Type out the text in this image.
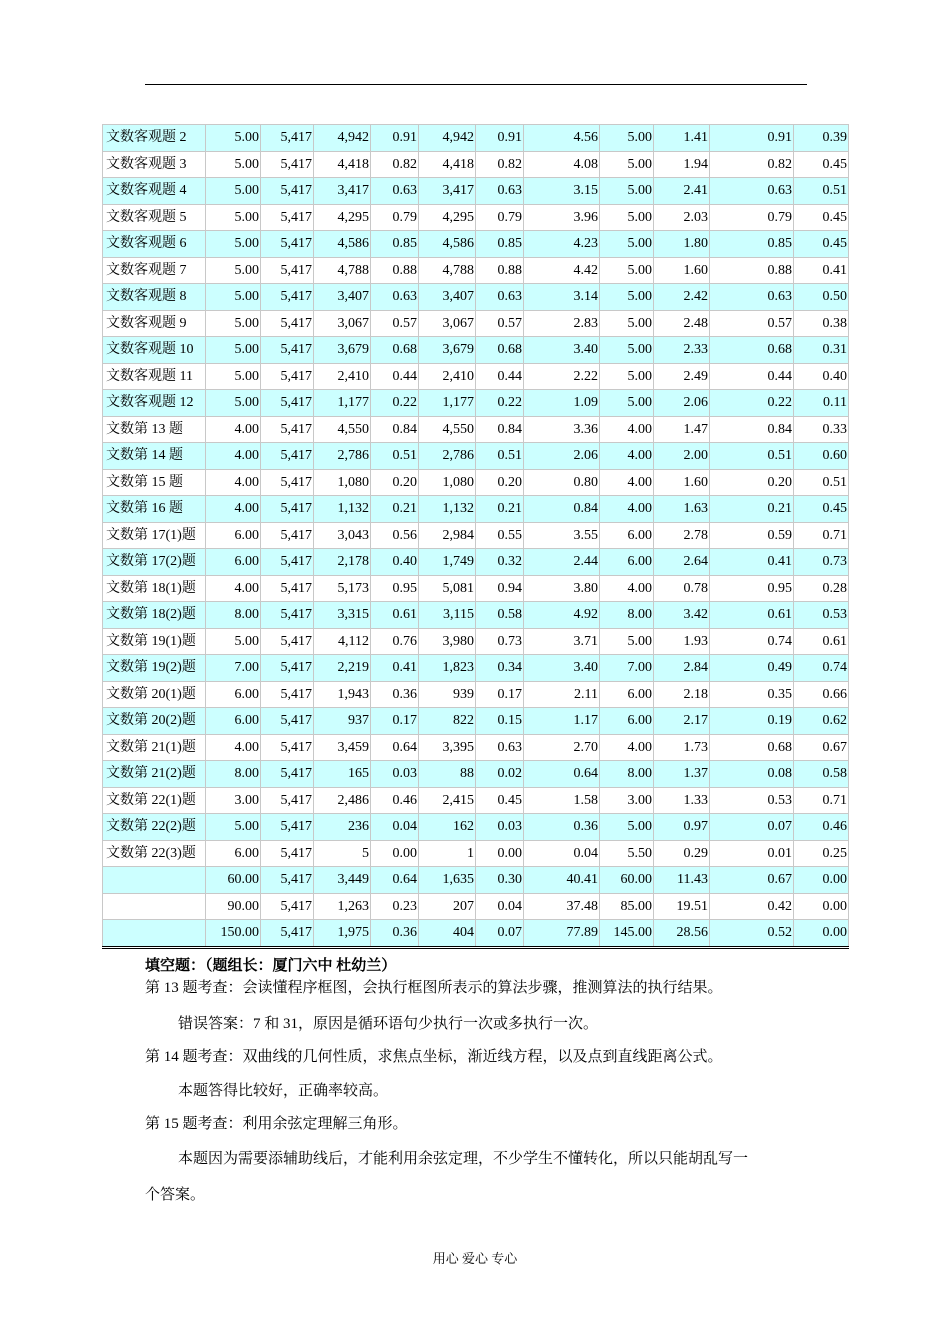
文数客观题 2	5.00	5,417	4,942	0.91	4,942	0.91	4.56	5.00	1.41	0.91	0.39
文数客观题 3	5.00	5,417	4,418	0.82	4,418	0.82	4.08	5.00	1.94	0.82	0.45
文数客观题 4	5.00	5,417	3,417	0.63	3,417	0.63	3.15	5.00	2.41	0.63	0.51
文数客观题 5	5.00	5,417	4,295	0.79	4,295	0.79	3.96	5.00	2.03	0.79	0.45
文数客观题 6	5.00	5,417	4,586	0.85	4,586	0.85	4.23	5.00	1.80	0.85	0.45
文数客观题 7	5.00	5,417	4,788	0.88	4,788	0.88	4.42	5.00	1.60	0.88	0.41
文数客观题 8	5.00	5,417	3,407	0.63	3,407	0.63	3.14	5.00	2.42	0.63	0.50
文数客观题 9	5.00	5,417	3,067	0.57	3,067	0.57	2.83	5.00	2.48	0.57	0.38
文数客观题 10	5.00	5,417	3,679	0.68	3,679	0.68	3.40	5.00	2.33	0.68	0.31
文数客观题 11	5.00	5,417	2,410	0.44	2,410	0.44	2.22	5.00	2.49	0.44	0.40
文数客观题 12	5.00	5,417	1,177	0.22	1,177	0.22	1.09	5.00	2.06	0.22	0.11
文数第 13 题	4.00	5,417	4,550	0.84	4,550	0.84	3.36	4.00	1.47	0.84	0.33
文数第 14 题	4.00	5,417	2,786	0.51	2,786	0.51	2.06	4.00	2.00	0.51	0.60
文数第 15 题	4.00	5,417	1,080	0.20	1,080	0.20	0.80	4.00	1.60	0.20	0.51
文数第 16 题	4.00	5,417	1,132	0.21	1,132	0.21	0.84	4.00	1.63	0.21	0.45
文数第 17(1)题	6.00	5,417	3,043	0.56	2,984	0.55	3.55	6.00	2.78	0.59	0.71
文数第 17(2)题	6.00	5,417	2,178	0.40	1,749	0.32	2.44	6.00	2.64	0.41	0.73
文数第 18(1)题	4.00	5,417	5,173	0.95	5,081	0.94	3.80	4.00	0.78	0.95	0.28
文数第 18(2)题	8.00	5,417	3,315	0.61	3,115	0.58	4.92	8.00	3.42	0.61	0.53
文数第 19(1)题	5.00	5,417	4,112	0.76	3,980	0.73	3.71	5.00	1.93	0.74	0.61
文数第 19(2)题	7.00	5,417	2,219	0.41	1,823	0.34	3.40	7.00	2.84	0.49	0.74
文数第 20(1)题	6.00	5,417	1,943	0.36	939	0.17	2.11	6.00	2.18	0.35	0.66
文数第 20(2)题	6.00	5,417	937	0.17	822	0.15	1.17	6.00	2.17	0.19	0.62
文数第 21(1)题	4.00	5,417	3,459	0.64	3,395	0.63	2.70	4.00	1.73	0.68	0.67
文数第 21(2)题	8.00	5,417	165	0.03	88	0.02	0.64	8.00	1.37	0.08	0.58
文数第 22(1)题	3.00	5,417	2,486	0.46	2,415	0.45	1.58	3.00	1.33	0.53	0.71
文数第 22(2)题	5.00	5,417	236	0.04	162	0.03	0.36	5.00	0.97	0.07	0.46
文数第 22(3)题	6.00	5,417	5	0.00	1	0.00	0.04	5.50	0.29	0.01	0.25
	60.00	5,417	3,449	0.64	1,635	0.30	40.41	60.00	11.43	0.67	0.00
	90.00	5,417	1,263	0.23	207	0.04	37.48	85.00	19.51	0.42	0.00
	150.00	5,417	1,975	0.36	404	0.07	77.89	145.00	28.56	0.52	0.00
填空题：（题组长：厦门六中 杜幼兰）
第 13 题考查：会读懂程序框图，会执行框图所表示的算法步骤，推测算法的执行结果。
错误答案：7 和 31，原因是循环语句少执行一次或多执行一次。
第 14 题考查：双曲线的几何性质，求焦点坐标，渐近线方程，以及点到直线距离公式。
本题答得比较好，正确率较高。
第 15 题考查：利用余弦定理解三角形。
本题因为需要添辅助线后，才能利用余弦定理，不少学生不懂转化，所以只能胡乱写一
个答案。
用心 爱心 专心
